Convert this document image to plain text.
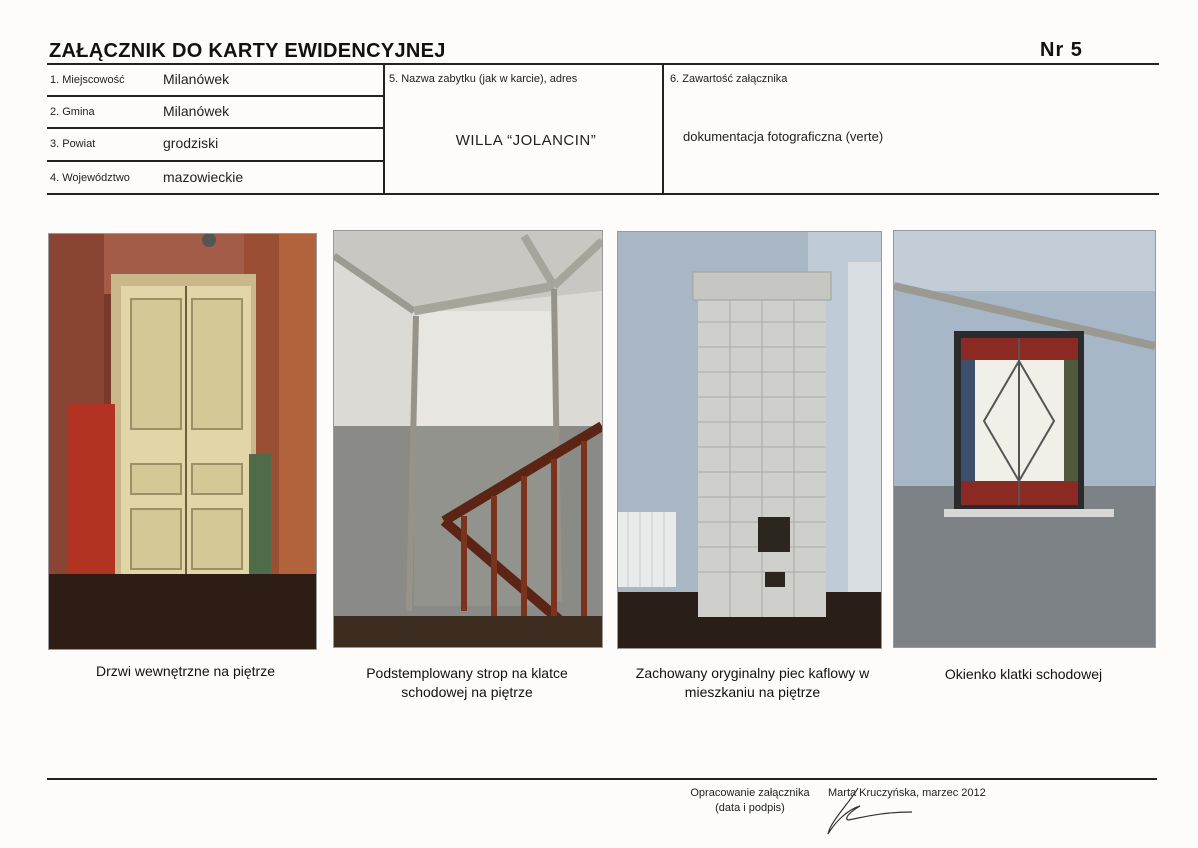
ZAŁĄCZNIK DO KARTY EWIDENCYJNEJ	Nr 5
1. Miejscowość	Milanówek
2. Gmina	Milanówek
3. Powiat	grodziski
4. Województwo mazowieckie
5. Nazwa zabytku (jak w karcie), adres
WILLA “JOLANCIN”
6. Zawartość załącznika
dokumentacja fotograficzna (verte)
Drzwi wewnętrzne na piętrze	Podstemplowany strop na klatce
schodowej na piętrze
Zachowany oryginalny piec kaflowy w
mieszkaniu na piętrze
Okienko klatki schodowej
Opracowanie załącznika
(data i podpis)
Marta Kruczyńska, marzec 2012
